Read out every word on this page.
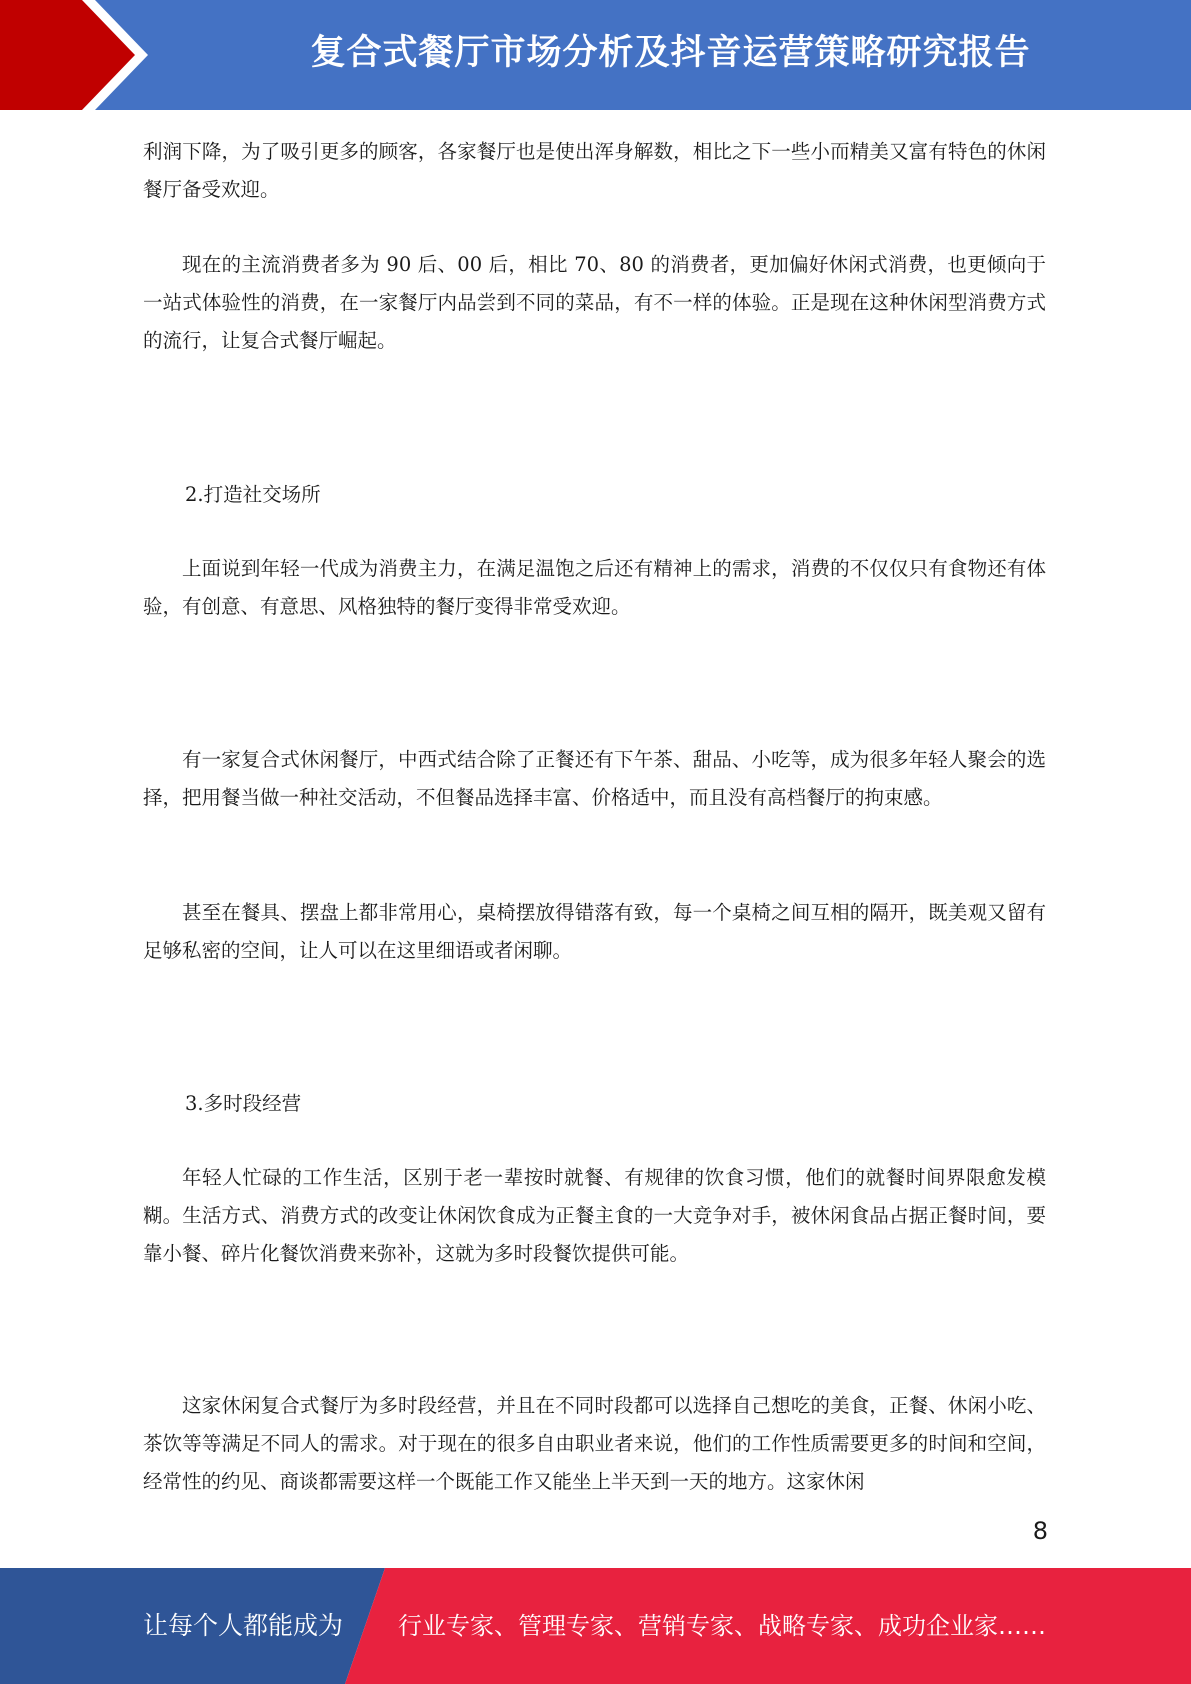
复合式餐厅市场分析及抖音运营策略研究报告

利润下降，为了吸引更多的顾客，各家餐厅也是使出浑身解数，相比之下一些小而精美又富有特色的休闲餐厅备受欢迎。

现在的主流消费者多为 90 后、00 后，相比 70、80 的消费者，更加偏好休闲式消费，也更倾向于一站式体验性的消费，在一家餐厅内品尝到不同的菜品，有不一样的体验。正是现在这种休闲型消费方式的流行，让复合式餐厅崛起。

2.打造社交场所

上面说到年轻一代成为消费主力，在满足温饱之后还有精神上的需求，消费的不仅仅只有食物还有体验，有创意、有意思、风格独特的餐厅变得非常受欢迎。

有一家复合式休闲餐厅，中西式结合除了正餐还有下午茶、甜品、小吃等，成为很多年轻人聚会的选择，把用餐当做一种社交活动，不但餐品选择丰富、价格适中，而且没有高档餐厅的拘束感。

甚至在餐具、摆盘上都非常用心，桌椅摆放得错落有致，每一个桌椅之间互相的隔开，既美观又留有足够私密的空间，让人可以在这里细语或者闲聊。

3.多时段经营

年轻人忙碌的工作生活，区别于老一辈按时就餐、有规律的饮食习惯，他们的就餐时间界限愈发模糊。生活方式、消费方式的改变让休闲饮食成为正餐主食的一大竞争对手，被休闲食品占据正餐时间，要靠小餐、碎片化餐饮消费来弥补，这就为多时段餐饮提供可能。

这家休闲复合式餐厅为多时段经营，并且在不同时段都可以选择自己想吃的美食，正餐、休闲小吃、茶饮等等满足不同人的需求。对于现在的很多自由职业者来说，他们的工作性质需要更多的时间和空间，经常性的约见、商谈都需要这样一个既能工作又能坐上半天到一天的地方。这家休闲

8
让每个人都能成为 行业专家、管理专家、营销专家、战略专家、成功企业家……
